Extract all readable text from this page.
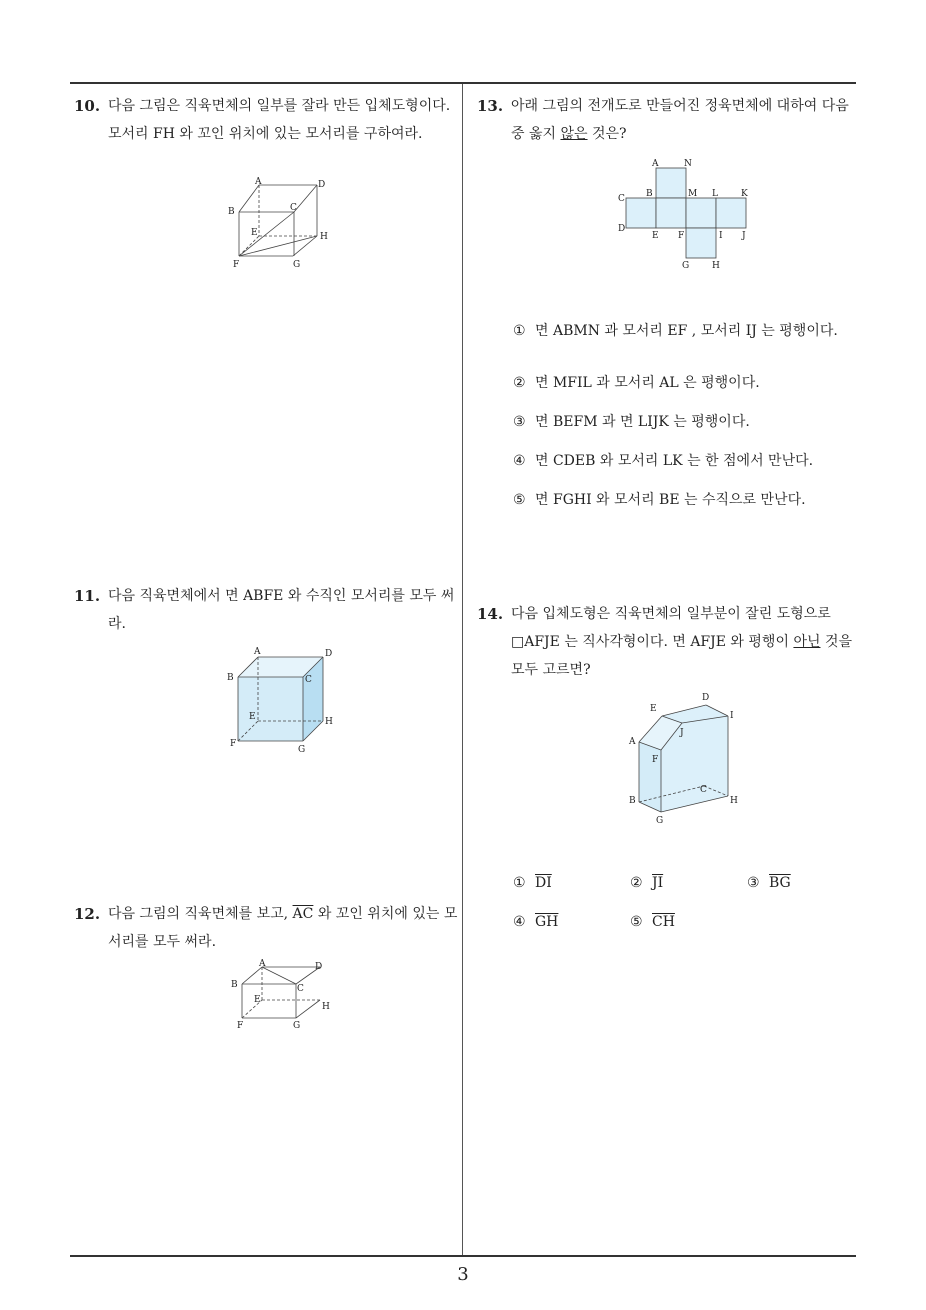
10. 다음 그림은 직육면체의 일부를 잘라 만든 입체도형이다. 모서리 FH 와 꼬인 위치에 있는 모서리를 구하여라.
A	D
B	C
E	H
F	G
11. 다음 직육면체에서 면 ABFE 와 수직인 모서리를 모두 써라.
A	D
B	C
E	H
F
G
12. 다음 그림의 직육면체를 보고, $\overline{AC}$ 와 꼬인 위치에 있는 모서리를 모두 써라.
A	D
B	C
E
H
F	G
13. 아래 그림의 전개도로 만들어진 정육면체에 대하여 다음 중 옳지 않은 것은?
A	N
B	M L	K
C
D
E F	I J
G	H
① 면 ABMN 과 모서리 EF , 모서리 IJ 는 평행이다.
② 면 MFIL 과 모서리 AL 은 평행이다.
③ 면 BEFM 과 면 LIJK 는 평행이다.
④ 면 CDEB 와 모서리 LK 는 한 점에서 만난다.
⑤ 면 FGHI 와 모서리 BE 는 수직으로 만난다.
14. 다음 입체도형은 직육면체의 일부분이 잘린 도형으로 □AFJE 는 직사각형이다. 면 AFJE 와 평행이 아닌 것을 모두 고르면?
E
D
I
J
A
F
C
B	H
G
① $\overline{DI}$	② $\overline{JI}$	③ $\overline{BG}$
④ $\overline{GH}$	⑤ $\overline{CH}$
3
